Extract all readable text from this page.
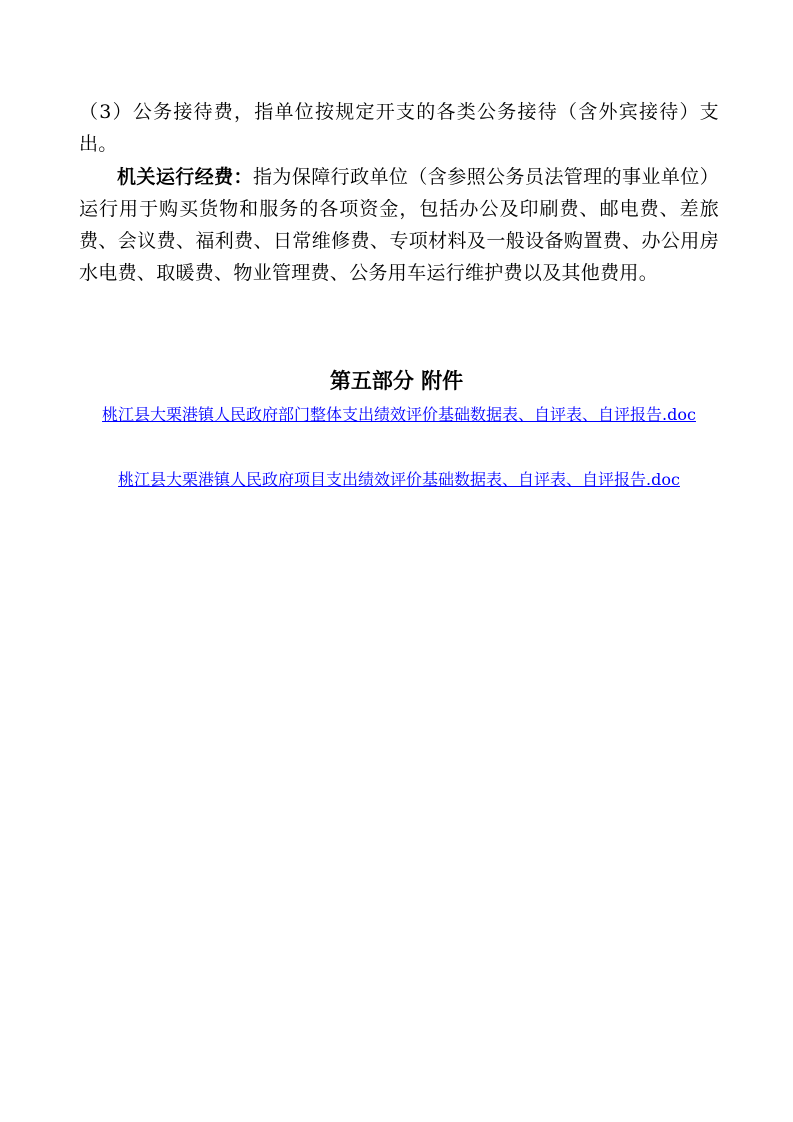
（3）公务接待费，指单位按规定开支的各类公务接待（含外宾接待）支出。

机关运行经费：指为保障行政单位（含参照公务员法管理的事业单位）运行用于购买货物和服务的各项资金，包括办公及印刷费、邮电费、差旅费、会议费、福利费、日常维修费、专项材料及一般设备购置费、办公用房水电费、取暖费、物业管理费、公务用车运行维护费以及其他费用。

第五部分 附件
桃江县大栗港镇人民政府部门整体支出绩效评价基础数据表、自评表、自评报告.doc
桃江县大栗港镇人民政府项目支出绩效评价基础数据表、自评表、自评报告.doc
